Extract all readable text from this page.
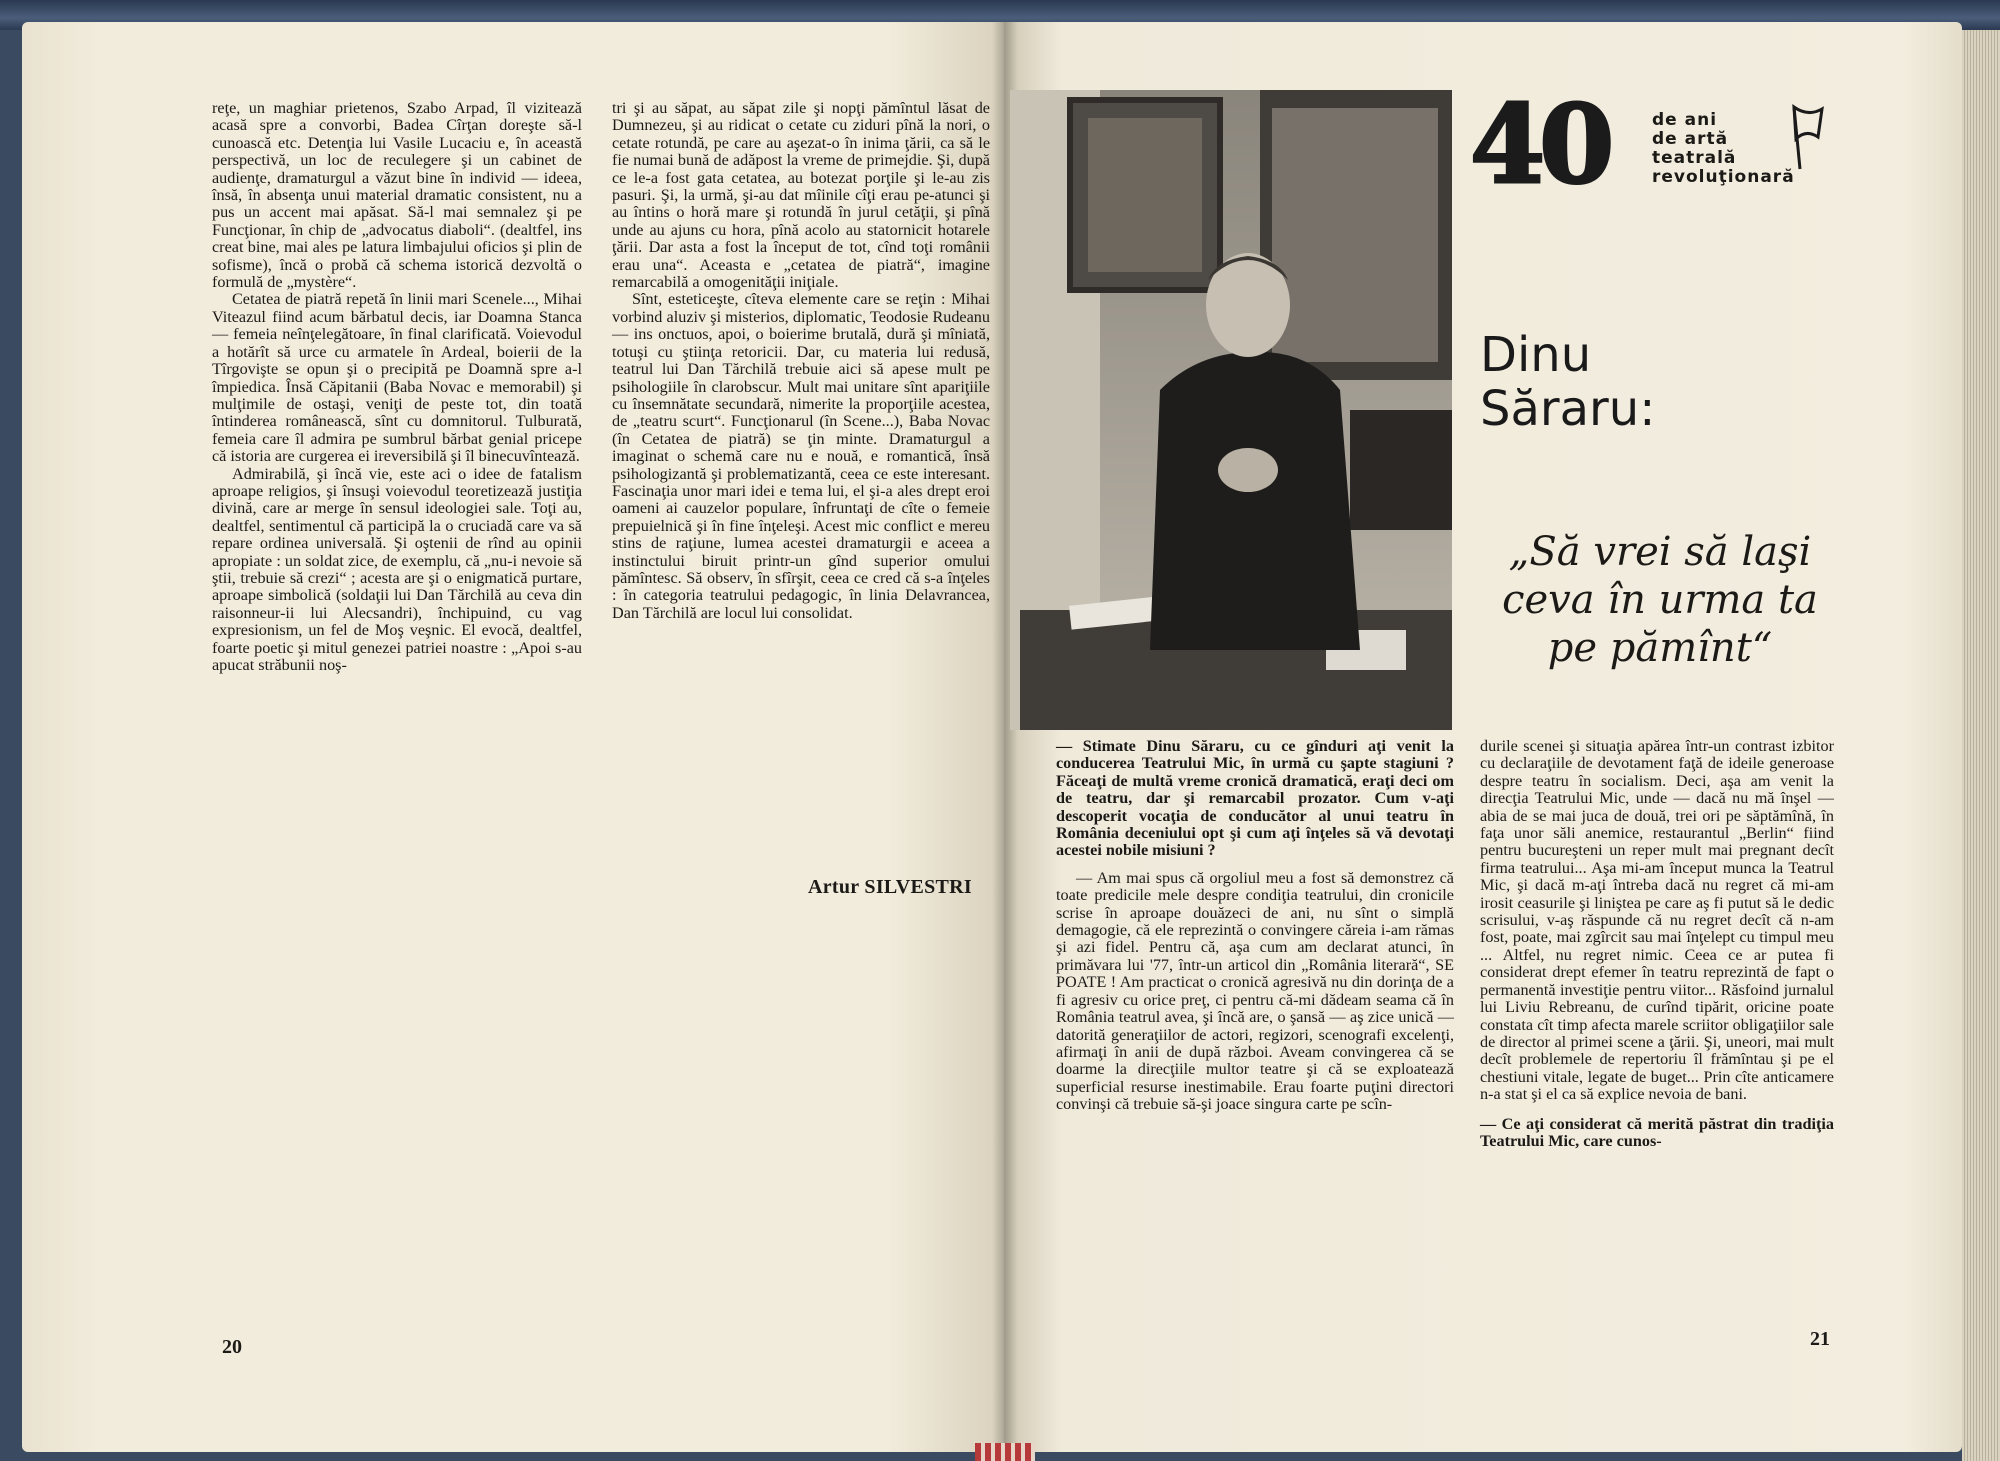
reţe, un maghiar prietenos, Szabo Arpad, îl vizitează acasă spre a convorbi, Badea Cîrţan doreşte să-l cunoască etc. Detenţia lui Vasile Lucaciu e, în această perspectivă, un loc de reculegere şi un cabinet de audienţe, dramaturgul a văzut bine în individ — ideea, însă, în absenţa unui material dramatic consistent, nu a pus un accent mai apăsat. Să-l mai semnalez şi pe Funcţionar, în chip de „advocatus diaboli“. (dealtfel, ins creat bine, mai ales pe latura limbajului oficios şi plin de sofisme), încă o probă că schema istorică dezvoltă o formulă de „mystère“.

Cetatea de piatră repetă în linii mari Scenele..., Mihai Viteazul fiind acum bărbatul decis, iar Doamna Stanca — femeia neînţelegătoare, în final clarificată. Voievodul a hotărît să urce cu armatele în Ardeal, boierii de la Tîrgovişte se opun şi o precipită pe Doamnă spre a-l împiedica. Însă Căpitanii (Baba Novac e memorabil) şi mulţimile de ostaşi, veniţi de peste tot, din toată întinderea românească, sînt cu domnitorul. Tulburată, femeia care îl admira pe sumbrul bărbat genial pricepe că istoria are curgerea ei ireversibilă şi îl binecuvîntează.

Admirabilă, şi încă vie, este aci o idee de fatalism aproape religios, şi însuşi voievodul teoretizează justiţia divină, care ar merge în sensul ideologiei sale. Toţi au, dealtfel, sentimentul că participă la o cruciadă care va să repare ordinea universală. Şi oştenii de rînd au opinii apropiate : un soldat zice, de exemplu, că „nu-i nevoie să ştii, trebuie să crezi“ ; acesta are şi o enigmatică purtare, aproape simbolică (soldaţii lui Dan Tărchilă au ceva din raisonneur-ii lui Alecsandri), închipuind, cu vag expresionism, un fel de Moş veşnic. El evocă, dealtfel, foarte poetic şi mitul genezei patriei noastre : „Apoi s-au apucat străbunii noş-

tri şi au săpat, au săpat zile şi nopţi pămîntul lăsat de Dumnezeu, şi au ridicat o cetate cu ziduri pînă la nori, o cetate rotundă, pe care au aşezat-o în inima ţării, ca să le fie numai bună de adăpost la vreme de primejdie. Şi, după ce le-a fost gata cetatea, au botezat porţile şi le-au zis pasuri. Şi, la urmă, şi-au dat mîinile cîţi erau pe-atunci şi au întins o horă mare şi rotundă în jurul cetăţii, şi pînă unde au ajuns cu hora, pînă acolo au statornicit hotarele ţării. Dar asta a fost la început de tot, cînd toţi românii erau una“. Aceasta e „cetatea de piatră“, imagine remarcabilă a omogenităţii iniţiale.

Sînt, esteticeşte, cîteva elemente care se reţin : Mihai vorbind aluziv şi misterios, diplomatic, Teodosie Rudeanu — ins onctuos, apoi, o boierime brutală, dură şi mîniată, totuşi cu ştiinţa retoricii. Dar, cu materia lui redusă, teatrul lui Dan Tărchilă trebuie aici să apese mult pe psihologiile în clarobscur. Mult mai unitare sînt apariţiile cu însemnătate secundară, nimerite la proporţiile acestea, de „teatru scurt“. Funcţionarul (în Scene...), Baba Novac (în Cetatea de piatră) se ţin minte. Dramaturgul a imaginat o schemă care nu e nouă, e romantică, însă psihologizantă şi problematizantă, ceea ce este interesant. Fascinaţia unor mari idei e tema lui, el şi-a ales drept eroi oameni ai cauzelor populare, înfruntaţi de cîte o femeie prepuielnică şi în fine înţeleşi. Acest mic conflict e mereu stins de raţiune, lumea acestei dramaturgii e aceea a instinctului biruit printr-un gînd superior omului pămîntesc. Să observ, în sfîrşit, ceea ce cred că s-a înţeles : în categoria teatrului pedagogic, în linia Delavrancea, Dan Tărchilă are locul lui consolidat.

Artur SILVESTRI
20
40	de ani
de artă
teatrală
revoluţionară
Dinu
Săraru:
„Să vrei să laşi
ceva în urma ta
pe pămînt“

— Stimate Dinu Săraru, cu ce gînduri aţi venit la conducerea Teatrului Mic, în urmă cu şapte stagiuni ? Făceaţi de multă vreme cronică dramatică, eraţi deci om de teatru, dar şi remarcabil prozator. Cum v-aţi descoperit vocaţia de conducător al unui teatru în România deceniului opt şi cum aţi înţeles să vă devotaţi acestei nobile misiuni ?

— Am mai spus că orgoliul meu a fost să demonstrez că toate predicile mele despre condiţia teatrului, din cronicile scrise în aproape douăzeci de ani, nu sînt o simplă demagogie, că ele reprezintă o convingere căreia i-am rămas şi azi fidel. Pentru că, aşa cum am declarat atunci, în primăvara lui '77, într-un articol din „România literară“, SE POATE ! Am practicat o cronică agresivă nu din dorinţa de a fi agresiv cu orice preţ, ci pentru că-mi dădeam seama că în România teatrul avea, şi încă are, o şansă — aş zice unică — datorită generaţiilor de actori, regizori, scenografi excelenţi, afirmaţi în anii de după război. Aveam convingerea că se doarme la direcţiile multor teatre şi că se exploatează superficial resurse inestimabile. Erau foarte puţini directori convinşi că trebuie să-şi joace singura carte pe scîn-

durile scenei şi situaţia apărea într-un contrast izbitor cu declaraţiile de devotament faţă de ideile generoase despre teatru în socialism. Deci, aşa am venit la direcţia Teatrului Mic, unde — dacă nu mă înşel — abia de se mai juca de două, trei ori pe săptămînă, în faţa unor săli anemice, restaurantul „Berlin“ fiind pentru bucureşteni un reper mult mai pregnant decît firma teatrului... Aşa mi-am început munca la Teatrul Mic, şi dacă m-aţi întreba dacă nu regret că mi-am irosit ceasurile şi liniştea pe care aş fi putut să le dedic scrisului, v-aş răspunde că nu regret decît că n-am fost, poate, mai zgîrcit sau mai înţelept cu timpul meu ... Altfel, nu regret nimic. Ceea ce ar putea fi considerat drept efemer în teatru reprezintă de fapt o permanentă investiţie pentru viitor... Răsfoind jurnalul lui Liviu Rebreanu, de curînd tipărit, oricine poate constata cît timp afecta marele scriitor obligaţiilor sale de director al primei scene a ţării. Şi, uneori, mai mult decît problemele de repertoriu îl frămîntau şi pe el chestiuni vitale, legate de buget... Prin cîte anticamere n-a stat şi el ca să explice nevoia de bani.

— Ce aţi considerat că merită păstrat din tradiţia Teatrului Mic, care cunos-

21
